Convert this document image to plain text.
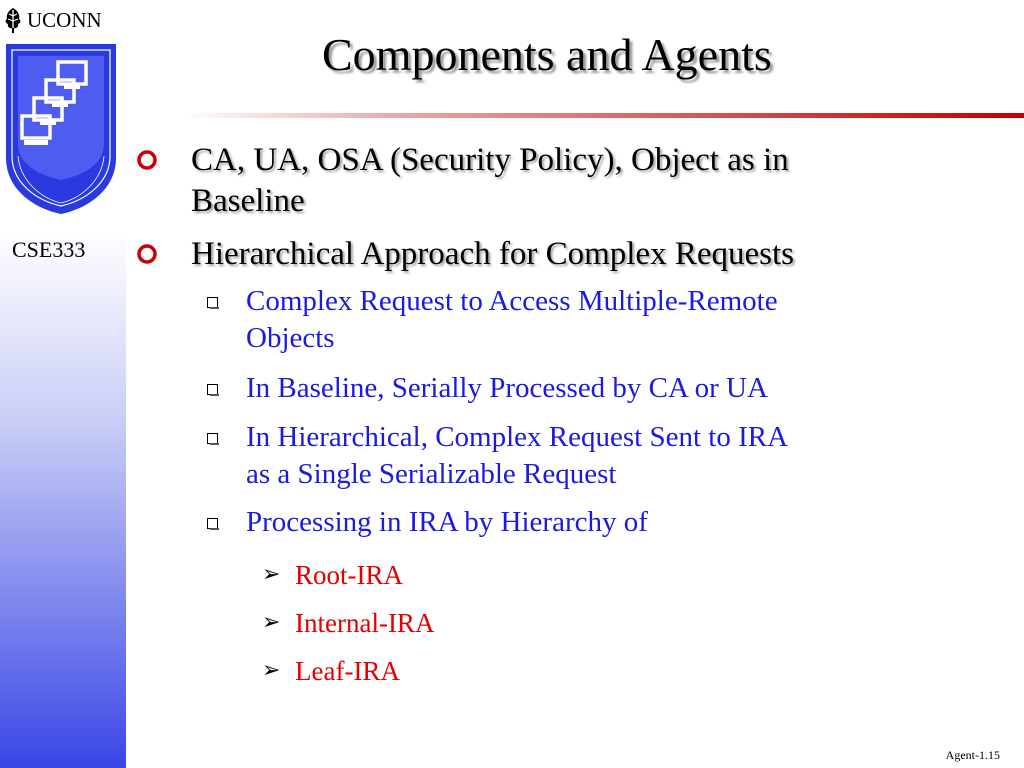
UCONN
CSE333
Components and Agents
CA, UA, OSA (Security Policy), Object as in
Baseline
Hierarchical Approach for Complex Requests
Complex Request to Access Multiple-Remote
Objects
In Baseline, Serially Processed by CA or UA
In Hierarchical, Complex Request Sent to IRA
as a Single Serializable Request
Processing in IRA by Hierarchy of
➢ Root-IRA
➢ Internal-IRA
➢ Leaf-IRA
Agent-1.15
